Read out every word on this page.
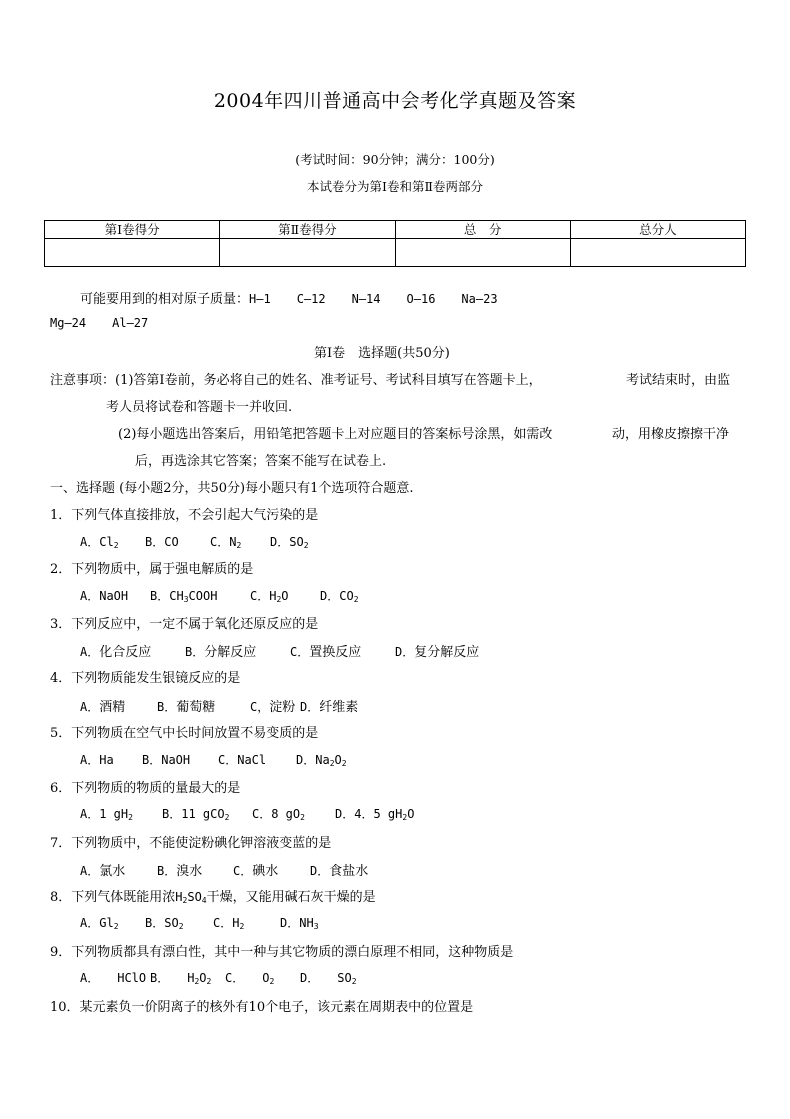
2004年四川普通高中会考化学真题及答案
(考试时间：90分钟；满分：100分)
本试卷分为第Ⅰ卷和第Ⅱ卷两部分
第Ⅰ卷得分	第Ⅱ卷得分	总　分	总分人

可能要用到的相对原子质量：H—1 C—12 N—14 O—16 Na—23
Mg—24 Al—27
第Ⅰ卷　选择题(共50分)
注意事项：(1)答第Ⅰ卷前，务必将自己的姓名、准考证号、考试科目填写在答题卡上，	考试结束时，由监
考人员将试卷和答题卡一并收回.
(2)每小题选出答案后，用铅笔把答题卡上对应题目的答案标号涂黑，如需改	动，用橡皮擦擦干净
后，再选涂其它答案；答案不能写在试卷上.
一、选择题 (每小题2分，共50分)每小题只有1个选项符合题意.
1．下列气体直接排放，不会引起大气污染的是
A．$Cl_2$ B．CO	C．$N_2$ D．$SO_2$
2．下列物质中，属于强电解质的是
A．NaOH B．$CH_3COOH$	C．$H_2O$	D．$CO_2$
3．下列反应中，一定不属于氧化还原反应的是
A．化合反应	B．分解反应	C．置换反应	D．复分解反应
4．下列物质能发生银镜反应的是
A．酒精	B．葡萄糖	C，淀粉 D．纤维素
5．下列物质在空气中长时间放置不易变质的是
A．Ha B．NaOH C．NaCl D．$Na_2O_2$
6．下列物质的物质的量最大的是
A．1 $gH_2$ B．11 gCO$_2$ C．8 $gO_2$	D．4．5 $gH_2O$
7．下列物质中，不能使淀粉碘化钾溶液变蓝的是
A．氯水	B．溴水	C．碘水	D．食盐水
8．下列气体既能用浓$H_2SO_4$干燥，又能用碱石灰干燥的是
A．$Gl_2$ B．$SO_2$ C．$H_2$	D．$NH_3$
9．下列物质都具有漂白性，其中一种与其它物质的漂白原理不相同，这种物质是
A． HClO B． $H_2O_2$ C． $O_2$ D． $SO_2$
10．某元素负一价阴离子的核外有10个电子，该元素在周期表中的位置是
